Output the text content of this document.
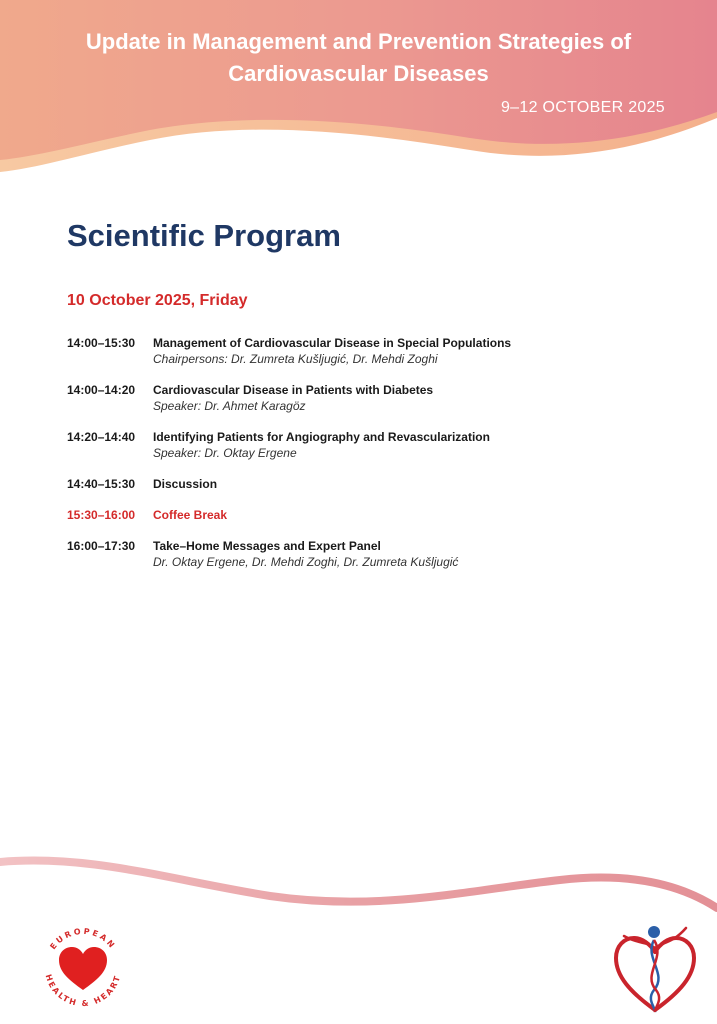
Update in Management and Prevention Strategies of
Cardiovascular Diseases
9–12 OCTOBER 2025
Scientific Program
10 October 2025, Friday
14:00–15:30	Management of Cardiovascular Disease in Special Populations
Chairpersons: Dr. Zumreta Kušljugić, Dr. Mehdi Zoghi
14:00–14:20	Cardiovascular Disease in Patients with Diabetes
Speaker: Dr. Ahmet Karagöz
14:20–14:40	Identifying Patients for Angiography and Revascularization
Speaker: Dr. Oktay Ergene
14:40–15:30	Discussion
15:30–16:00	Coffee Break
16:00–17:30	Take–Home Messages and Expert Panel
Dr. Oktay Ergene, Dr. Mehdi Zoghi, Dr. Zumreta Kušljugić
EUROPEAN
HEALTH & HEART
